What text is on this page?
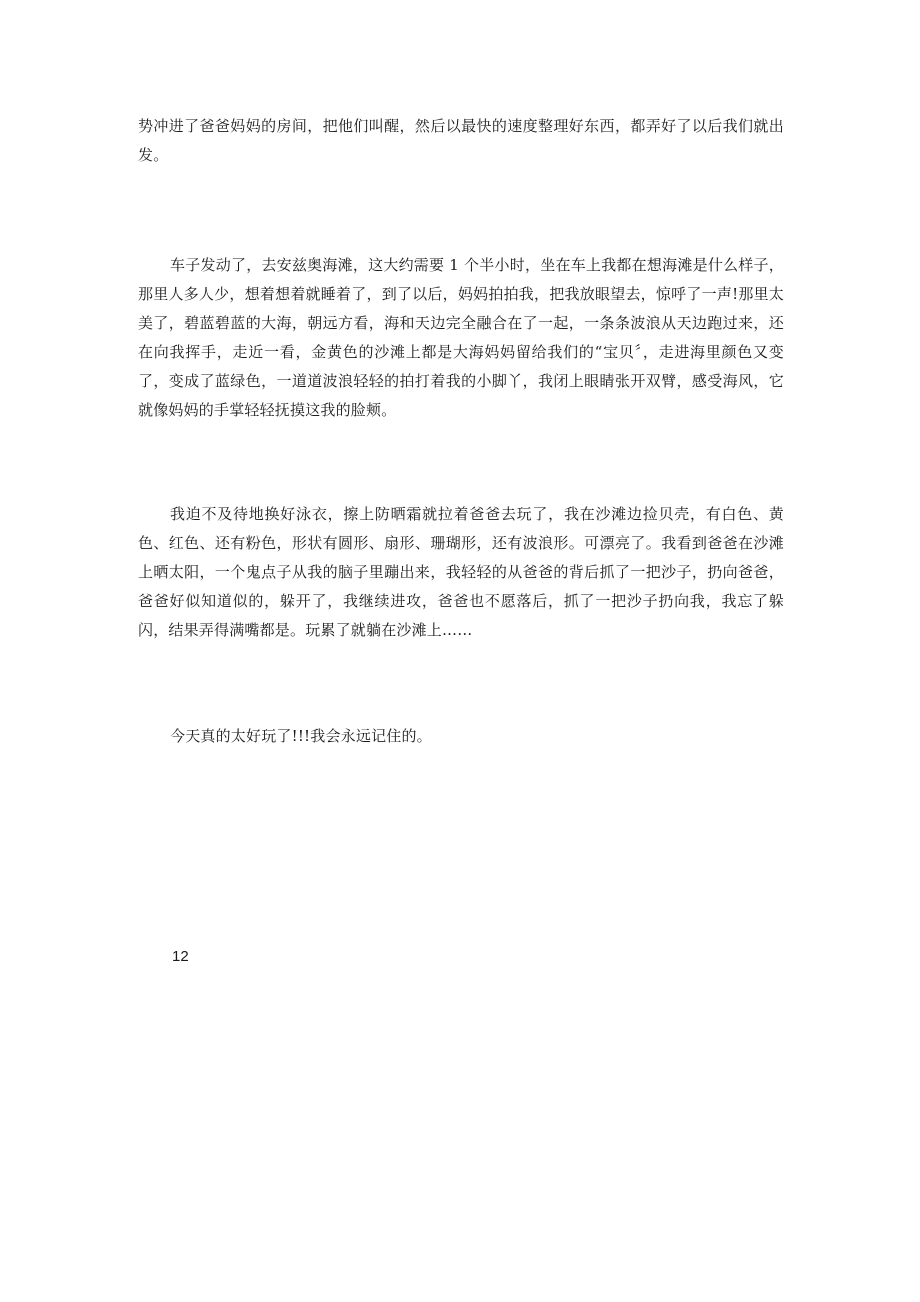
势冲进了爸爸妈妈的房间，把他们叫醒，然后以最快的速度整理好东西，都弄好了以后我们就出发。

车子发动了，去安兹奥海滩，这大约需要 1 个半小时，坐在车上我都在想海滩是什么样子，那里人多人少，想着想着就睡着了，到了以后，妈妈拍拍我，把我放眼望去，惊呼了一声!那里太美了，碧蓝碧蓝的大海，朝远方看，海和天边完全融合在了一起，一条条波浪从天边跑过来，还在向我挥手，走近一看，金黄色的沙滩上都是大海妈妈留给我们的“宝贝〞，走进海里颜色又变了，变成了蓝绿色，一道道波浪轻轻的拍打着我的小脚丫，我闭上眼睛张开双臂，感受海风，它就像妈妈的手掌轻轻抚摸这我的脸颊。

我迫不及待地换好泳衣，擦上防晒霜就拉着爸爸去玩了，我在沙滩边捡贝壳，有白色、黄色、红色、还有粉色，形状有圆形、扇形、珊瑚形，还有波浪形。可漂亮了。我看到爸爸在沙滩上晒太阳，一个鬼点子从我的脑子里蹦出来，我轻轻的从爸爸的背后抓了一把沙子，扔向爸爸，爸爸好似知道似的，躲开了，我继续进攻，爸爸也不愿落后，抓了一把沙子扔向我，我忘了躲闪，结果弄得满嘴都是。玩累了就躺在沙滩上……

今天真的太好玩了!!!我会永远记住的。

12
